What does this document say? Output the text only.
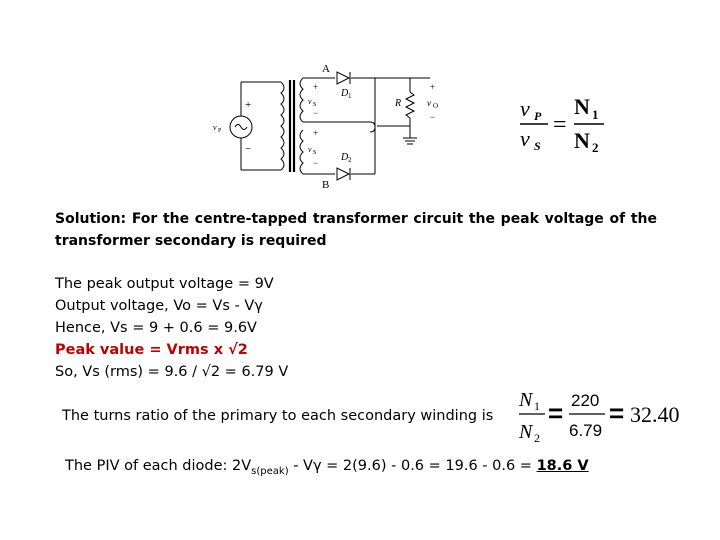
A
B
D 1
D 2
v P
v S
v S
R	v O
+
−
+
−
+
−
+
−
v P
v S
=
N 1
N 2
Solution: For the centre-tapped transformer circuit the peak voltage of the transformer secondary is required
The peak output voltage = 9V
Output voltage, Vo = Vs - Vγ
Hence, Vs = 9 + 0.6 = 9.6V
Peak value = Vrms x √2
So, Vs (rms) = 9.6 / √2 = 6.79 V
The turns ratio of the primary to each secondary winding is
N 1
N 2
= 220
6.79
= 32.40
The PIV of each diode: $2V_{s(peak)} - V\gamma = 2(9.6) - 0.6 = 19.6 - 0.6 = 18.6$ V
